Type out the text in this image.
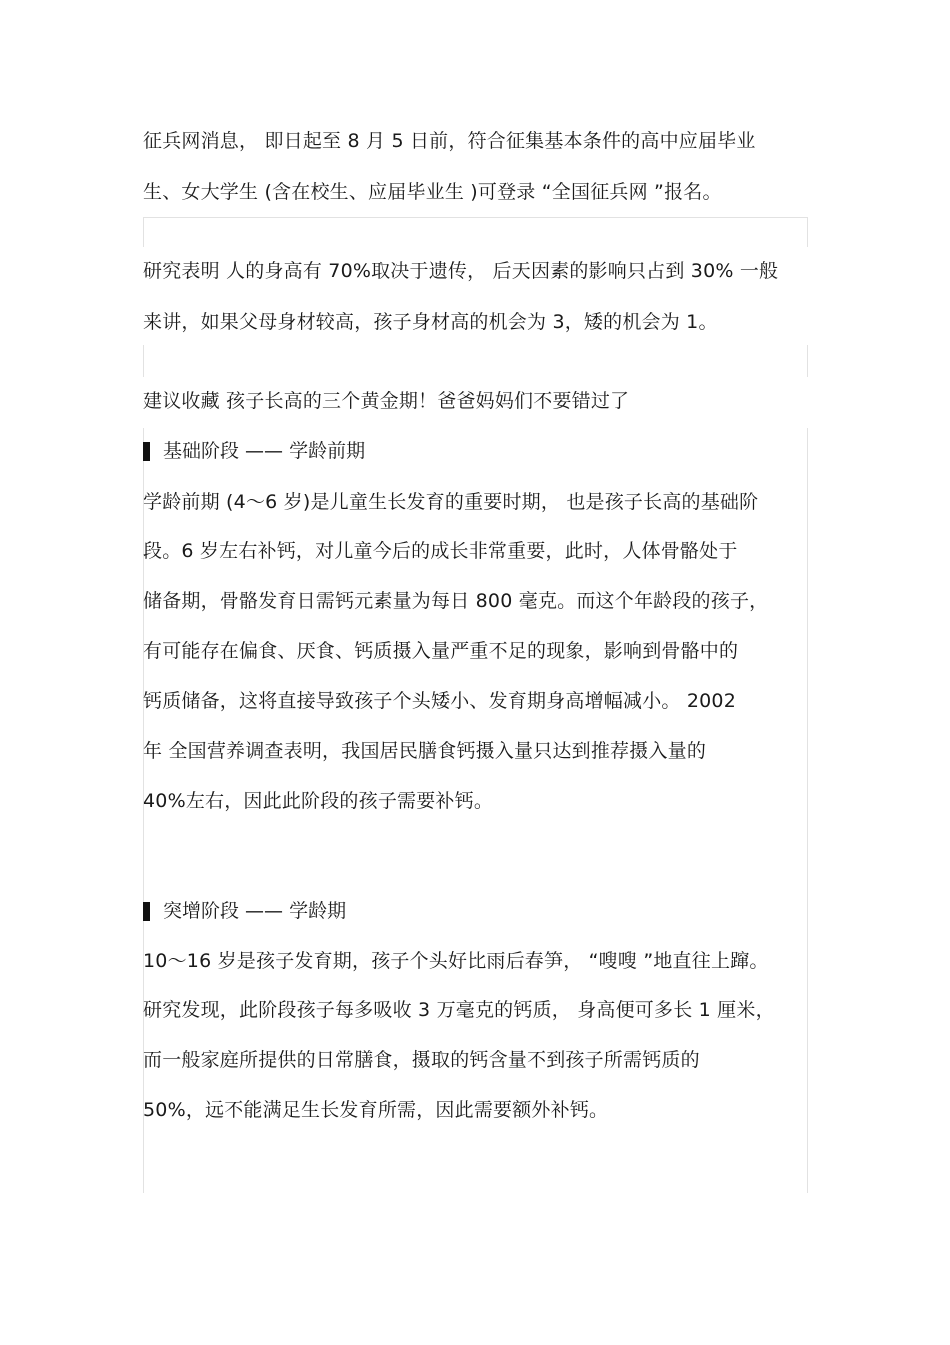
征兵网消息， 即日起至 8 月 5 日前，符合征集基本条件的高中应届毕业
生、女大学生 (含在校生、应届毕业生 )可登录 “全国征兵网 ”报名。
研究表明 人的身高有 70%取决于遗传， 后天因素的影响只占到 30% 一般
来讲，如果父母身材较高，孩子身材高的机会为 3，矮的机会为 1。
建议收藏 孩子长高的三个黄金期！爸爸妈妈们不要错过了
基础阶段 —— 学龄前期
学龄前期 (4～6 岁)是儿童生长发育的重要时期， 也是孩子长高的基础阶
段。6 岁左右补钙，对儿童今后的成长非常重要，此时，人体骨骼处于
储备期，骨骼发育日需钙元素量为每日 800 毫克。而这个年龄段的孩子，
有可能存在偏食、厌食、钙质摄入量严重不足的现象，影响到骨骼中的
钙质储备，这将直接导致孩子个头矮小、发育期身高增幅减小。 2002
年 全国营养调查表明，我国居民膳食钙摄入量只达到推荐摄入量的
40%左右，因此此阶段的孩子需要补钙。
突增阶段 —— 学龄期
10～16 岁是孩子发育期，孩子个头好比雨后春笋， “嗖嗖 ”地直往上蹿。
研究发现，此阶段孩子每多吸收 3 万毫克的钙质， 身高便可多长 1 厘米，
而一般家庭所提供的日常膳食，摄取的钙含量不到孩子所需钙质的
50%，远不能满足生长发育所需，因此需要额外补钙。
